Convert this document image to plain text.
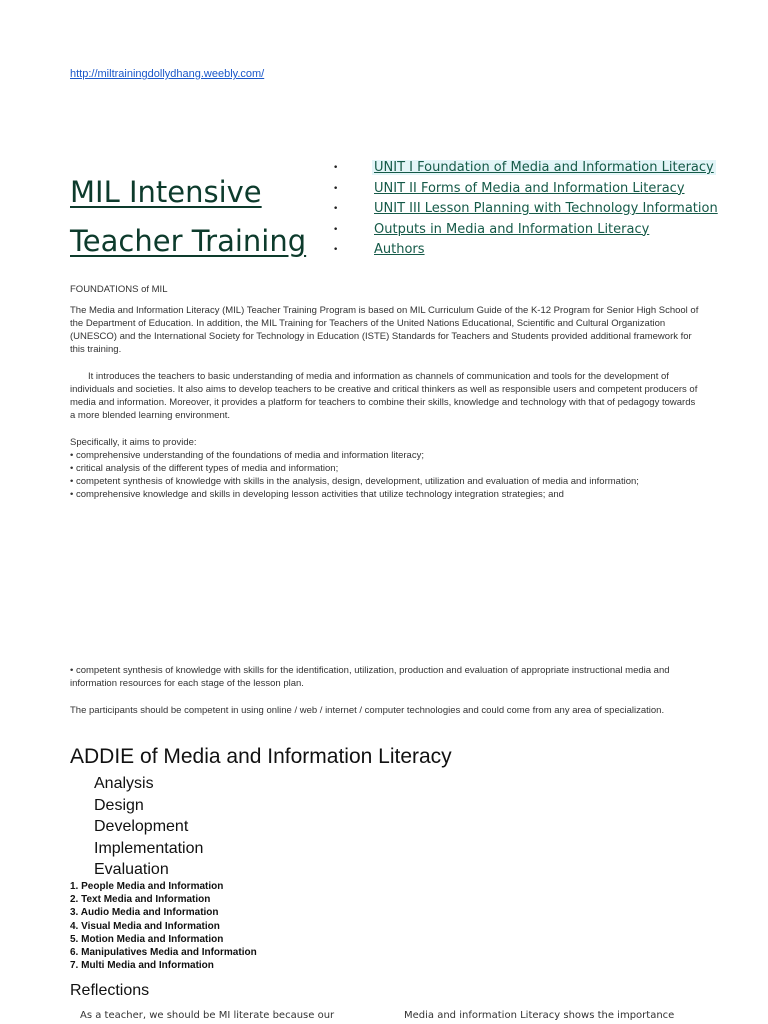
http://miltrainingdollydhang.weebly.com/
MIL Intensive
Teacher Training
•	UNIT I Foundation of Media and Information Literacy
•	UNIT II Forms of Media and Information Literacy
•	UNIT III Lesson Planning with Technology Information
•	Outputs in Media and Information Literacy
•	Authors

FOUNDATIONS of MIL

The Media and Information Literacy (MIL) Teacher Training Program is based on MIL Curriculum Guide of the K-12 Program for Senior High School of the Department of Education. In addition, the MIL Training for Teachers of the United Nations Educational, Scientific and Cultural Organization (UNESCO) and the International Society for Technology in Education (ISTE) Standards for Teachers and Students provided additional framework for this training.

It introduces the teachers to basic understanding of media and information as channels of communication and tools for the development of individuals and societies. It also aims to develop teachers to be creative and critical thinkers as well as responsible users and competent producers of media and information. Moreover, it provides a platform for teachers to combine their skills, knowledge and technology with that of pedagogy towards a more blended learning environment.

Specifically, it aims to provide:

• comprehensive understanding of the foundations of media and information literacy;
• critical analysis of the different types of media and information;
• competent synthesis of knowledge with skills in the analysis, design, development, utilization and evaluation of media and information;
• comprehensive knowledge and skills in developing lesson activities that utilize technology integration strategies; and

• competent synthesis of knowledge with skills for the identification, utilization, production and evaluation of appropriate instructional media and information resources for each stage of the lesson plan.

The participants should be competent in using online / web / internet / computer technologies and could come from any area of specialization.

ADDIE of Media and Information Literacy
Analysis
Design
Development
Implementation
Evaluation
1. People Media and Information
2. Text Media and Information
3. Audio Media and Information
4. Visual Media and Information
5. Motion Media and Information
6. Manipulatives Media and Information
7. Multi Media and Information
Reflections
As a teacher, we should be MI literate because our	Media and information Literacy shows the importance
